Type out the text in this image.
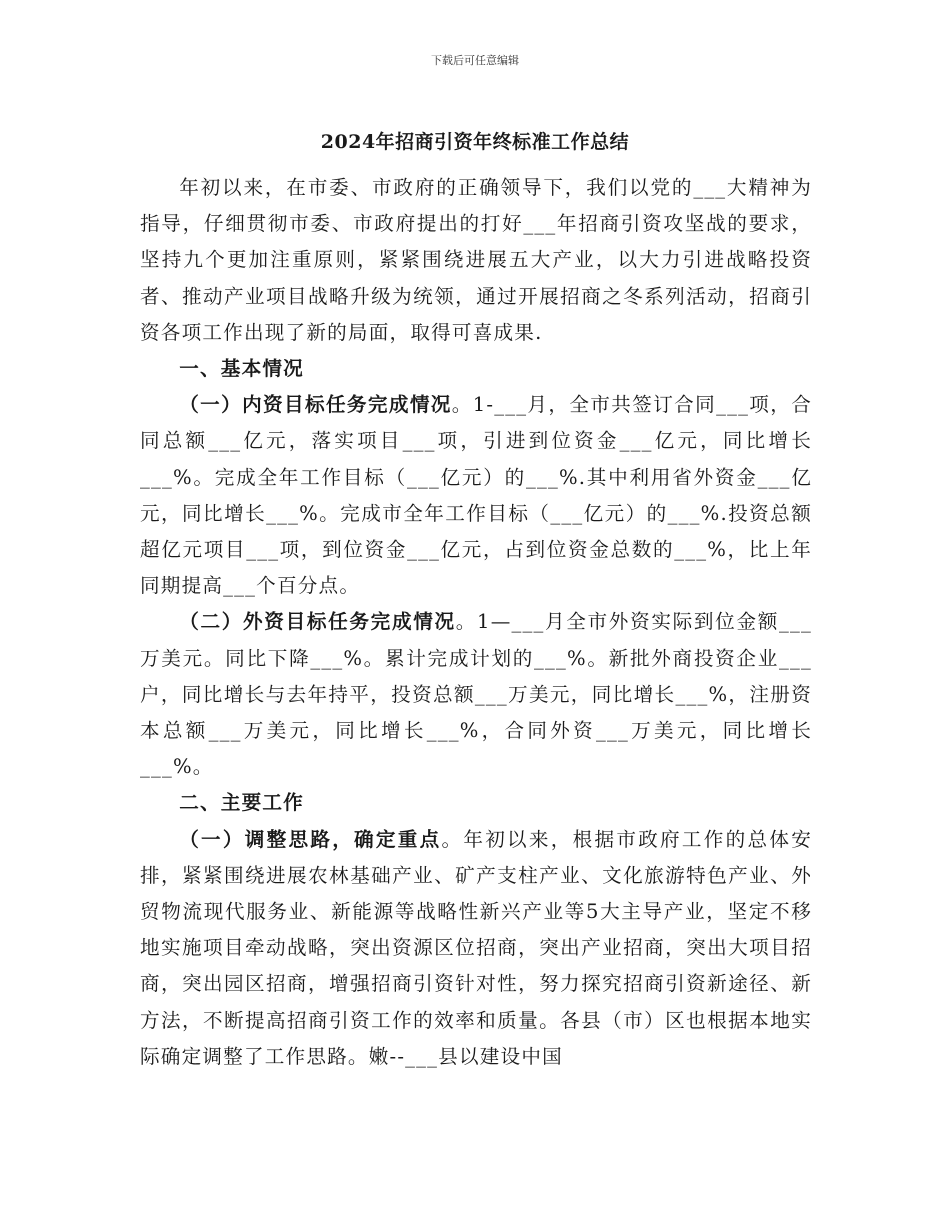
下载后可任意编辑
2024年招商引资年终标准工作总结

年初以来，在市委、市政府的正确领导下，我们以党的___大精神为指导，仔细贯彻市委、市政府提出的打好___年招商引资攻坚战的要求，坚持九个更加注重原则，紧紧围绕进展五大产业，以大力引进战略投资者、推动产业项目战略升级为统领，通过开展招商之冬系列活动，招商引资各项工作出现了新的局面，取得可喜成果.

一、基本情况

（一）内资目标任务完成情况。1-___月，全市共签订合同___项，合同总额___亿元，落实项目___项，引进到位资金___亿元，同比增长___%。完成全年工作目标（___亿元）的___%.其中利用省外资金___亿元，同比增长___%。完成市全年工作目标（___亿元）的___%.投资总额超亿元项目___项，到位资金___亿元，占到位资金总数的___%，比上年同期提高___个百分点。

（二）外资目标任务完成情况。1—___月全市外资实际到位金额___万美元。同比下降___%。累计完成计划的___%。新批外商投资企业___户，同比增长与去年持平，投资总额___万美元，同比增长___%，注册资本总额___万美元，同比增长___%，合同外资___万美元，同比增长___%。

二、主要工作

（一）调整思路，确定重点。年初以来，根据市政府工作的总体安排，紧紧围绕进展农林基础产业、矿产支柱产业、文化旅游特色产业、外贸物流现代服务业、新能源等战略性新兴产业等5大主导产业，坚定不移地实施项目牵动战略，突出资源区位招商，突出产业招商，突出大项目招商，突出园区招商，增强招商引资针对性，努力探究招商引资新途径、新方法，不断提高招商引资工作的效率和质量。各县（市）区也根据本地实际确定调整了工作思路。嫩--___县以建设中国
